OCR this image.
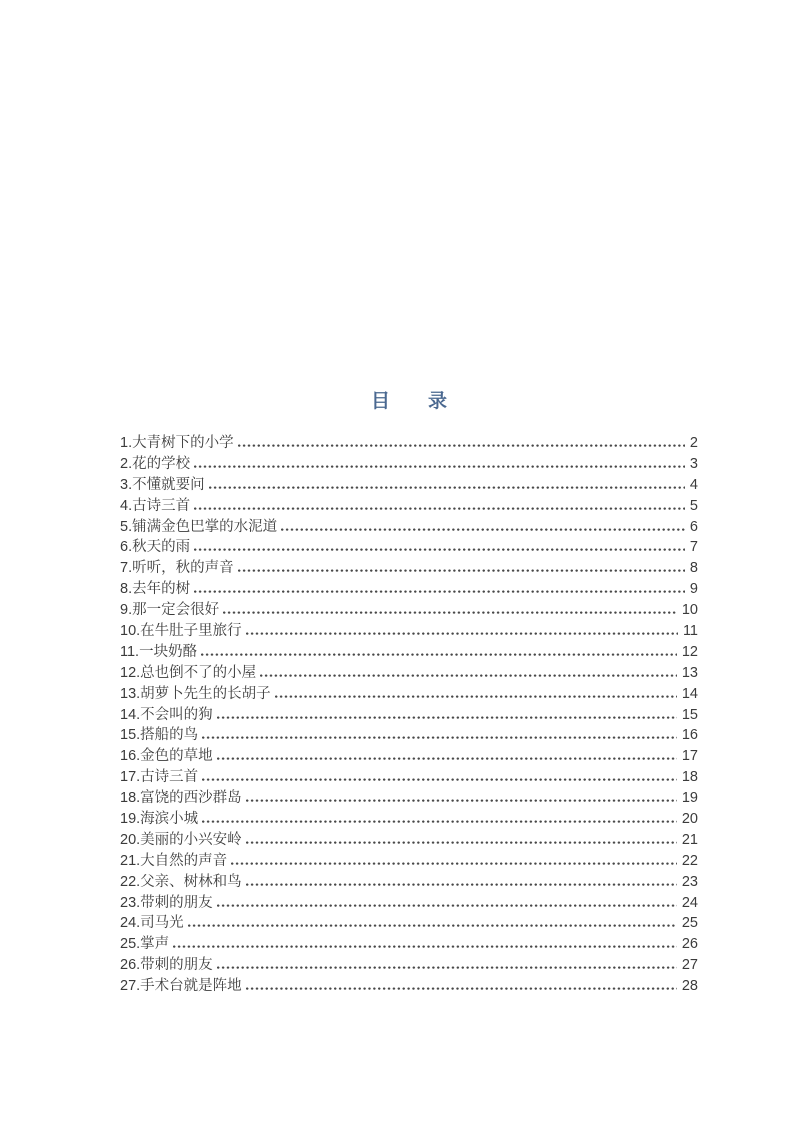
目　　录
1.大青树下的小学	2
2.花的学校	3
3.不懂就要问	4
4.古诗三首	5
5.铺满金色巴掌的水泥道	6
6.秋天的雨	7
7.听听，秋的声音	8
8.去年的树	9
9.那一定会很好	10
10.在牛肚子里旅行	11
11.一块奶酪	12
12.总也倒不了的小屋	13
13.胡萝卜先生的长胡子	14
14.不会叫的狗	15
15.搭船的鸟	16
16.金色的草地	17
17.古诗三首	18
18.富饶的西沙群岛	19
19.海滨小城	20
20.美丽的小兴安岭	21
21.大自然的声音	22
22.父亲、树林和鸟	23
23.带刺的朋友	24
24.司马光	25
25.掌声	26
26.带刺的朋友	27
27.手术台就是阵地	28
